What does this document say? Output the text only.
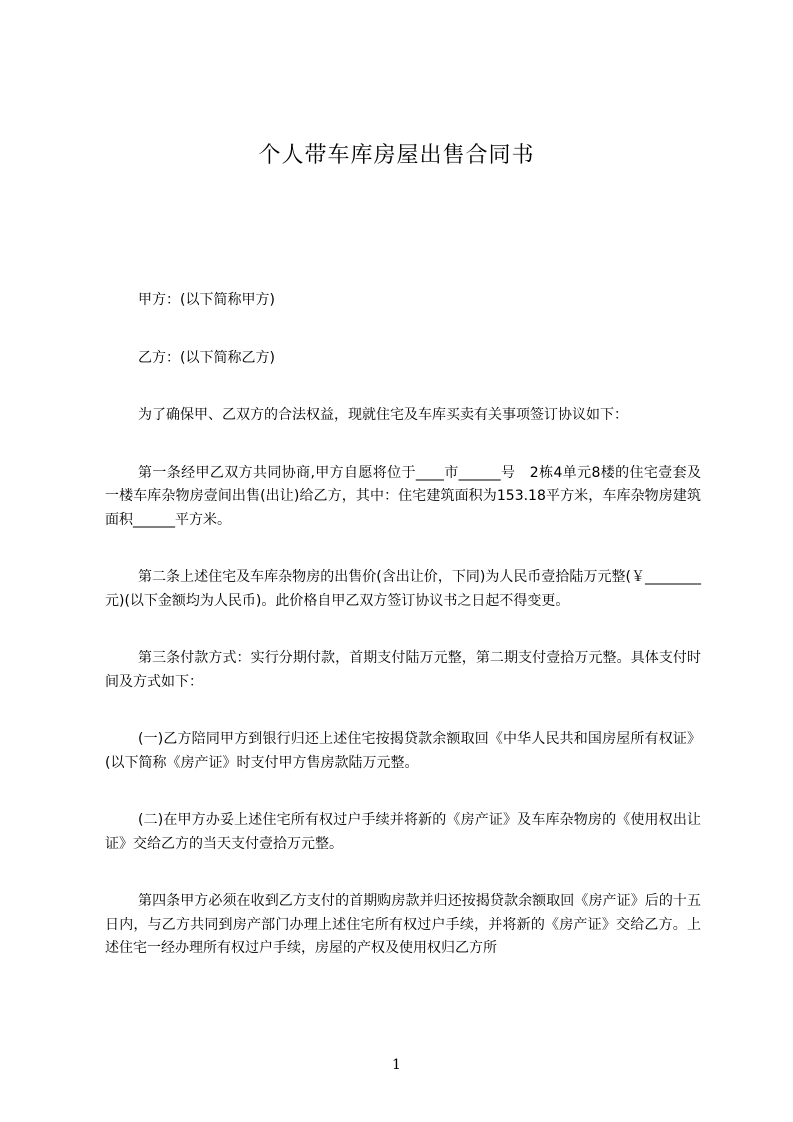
个人带车库房屋出售合同书

甲方：(以下简称甲方)

乙方：(以下简称乙方)

为了确保甲、乙双方的合法权益，现就住宅及车库买卖有关事项签订协议如下：

第一条经甲乙双方共同协商,甲方自愿将位于____市______号　2栋4单元8楼的住宅壹套及一楼车库杂物房壹间出售(出让)给乙方，其中：住宅建筑面积为153.18平方米，车库杂物房建筑面积______平方米。

第二条上述住宅及车库杂物房的出售价(含出让价，下同)为人民币壹拾陆万元整(￥________元)(以下金额均为人民币)。此价格自甲乙双方签订协议书之日起不得变更。

第三条付款方式：实行分期付款，首期支付陆万元整，第二期支付壹拾万元整。具体支付时间及方式如下：

(一)乙方陪同甲方到银行归还上述住宅按揭贷款余额取回《中华人民共和国房屋所有权证》(以下简称《房产证》时支付甲方售房款陆万元整。

(二)在甲方办妥上述住宅所有权过户手续并将新的《房产证》及车库杂物房的《使用权出让证》交给乙方的当天支付壹拾万元整。

第四条甲方必须在收到乙方支付的首期购房款并归还按揭贷款余额取回《房产证》后的十五日内，与乙方共同到房产部门办理上述住宅所有权过户手续，并将新的《房产证》交给乙方。上述住宅一经办理所有权过户手续，房屋的产权及使用权归乙方所

1
